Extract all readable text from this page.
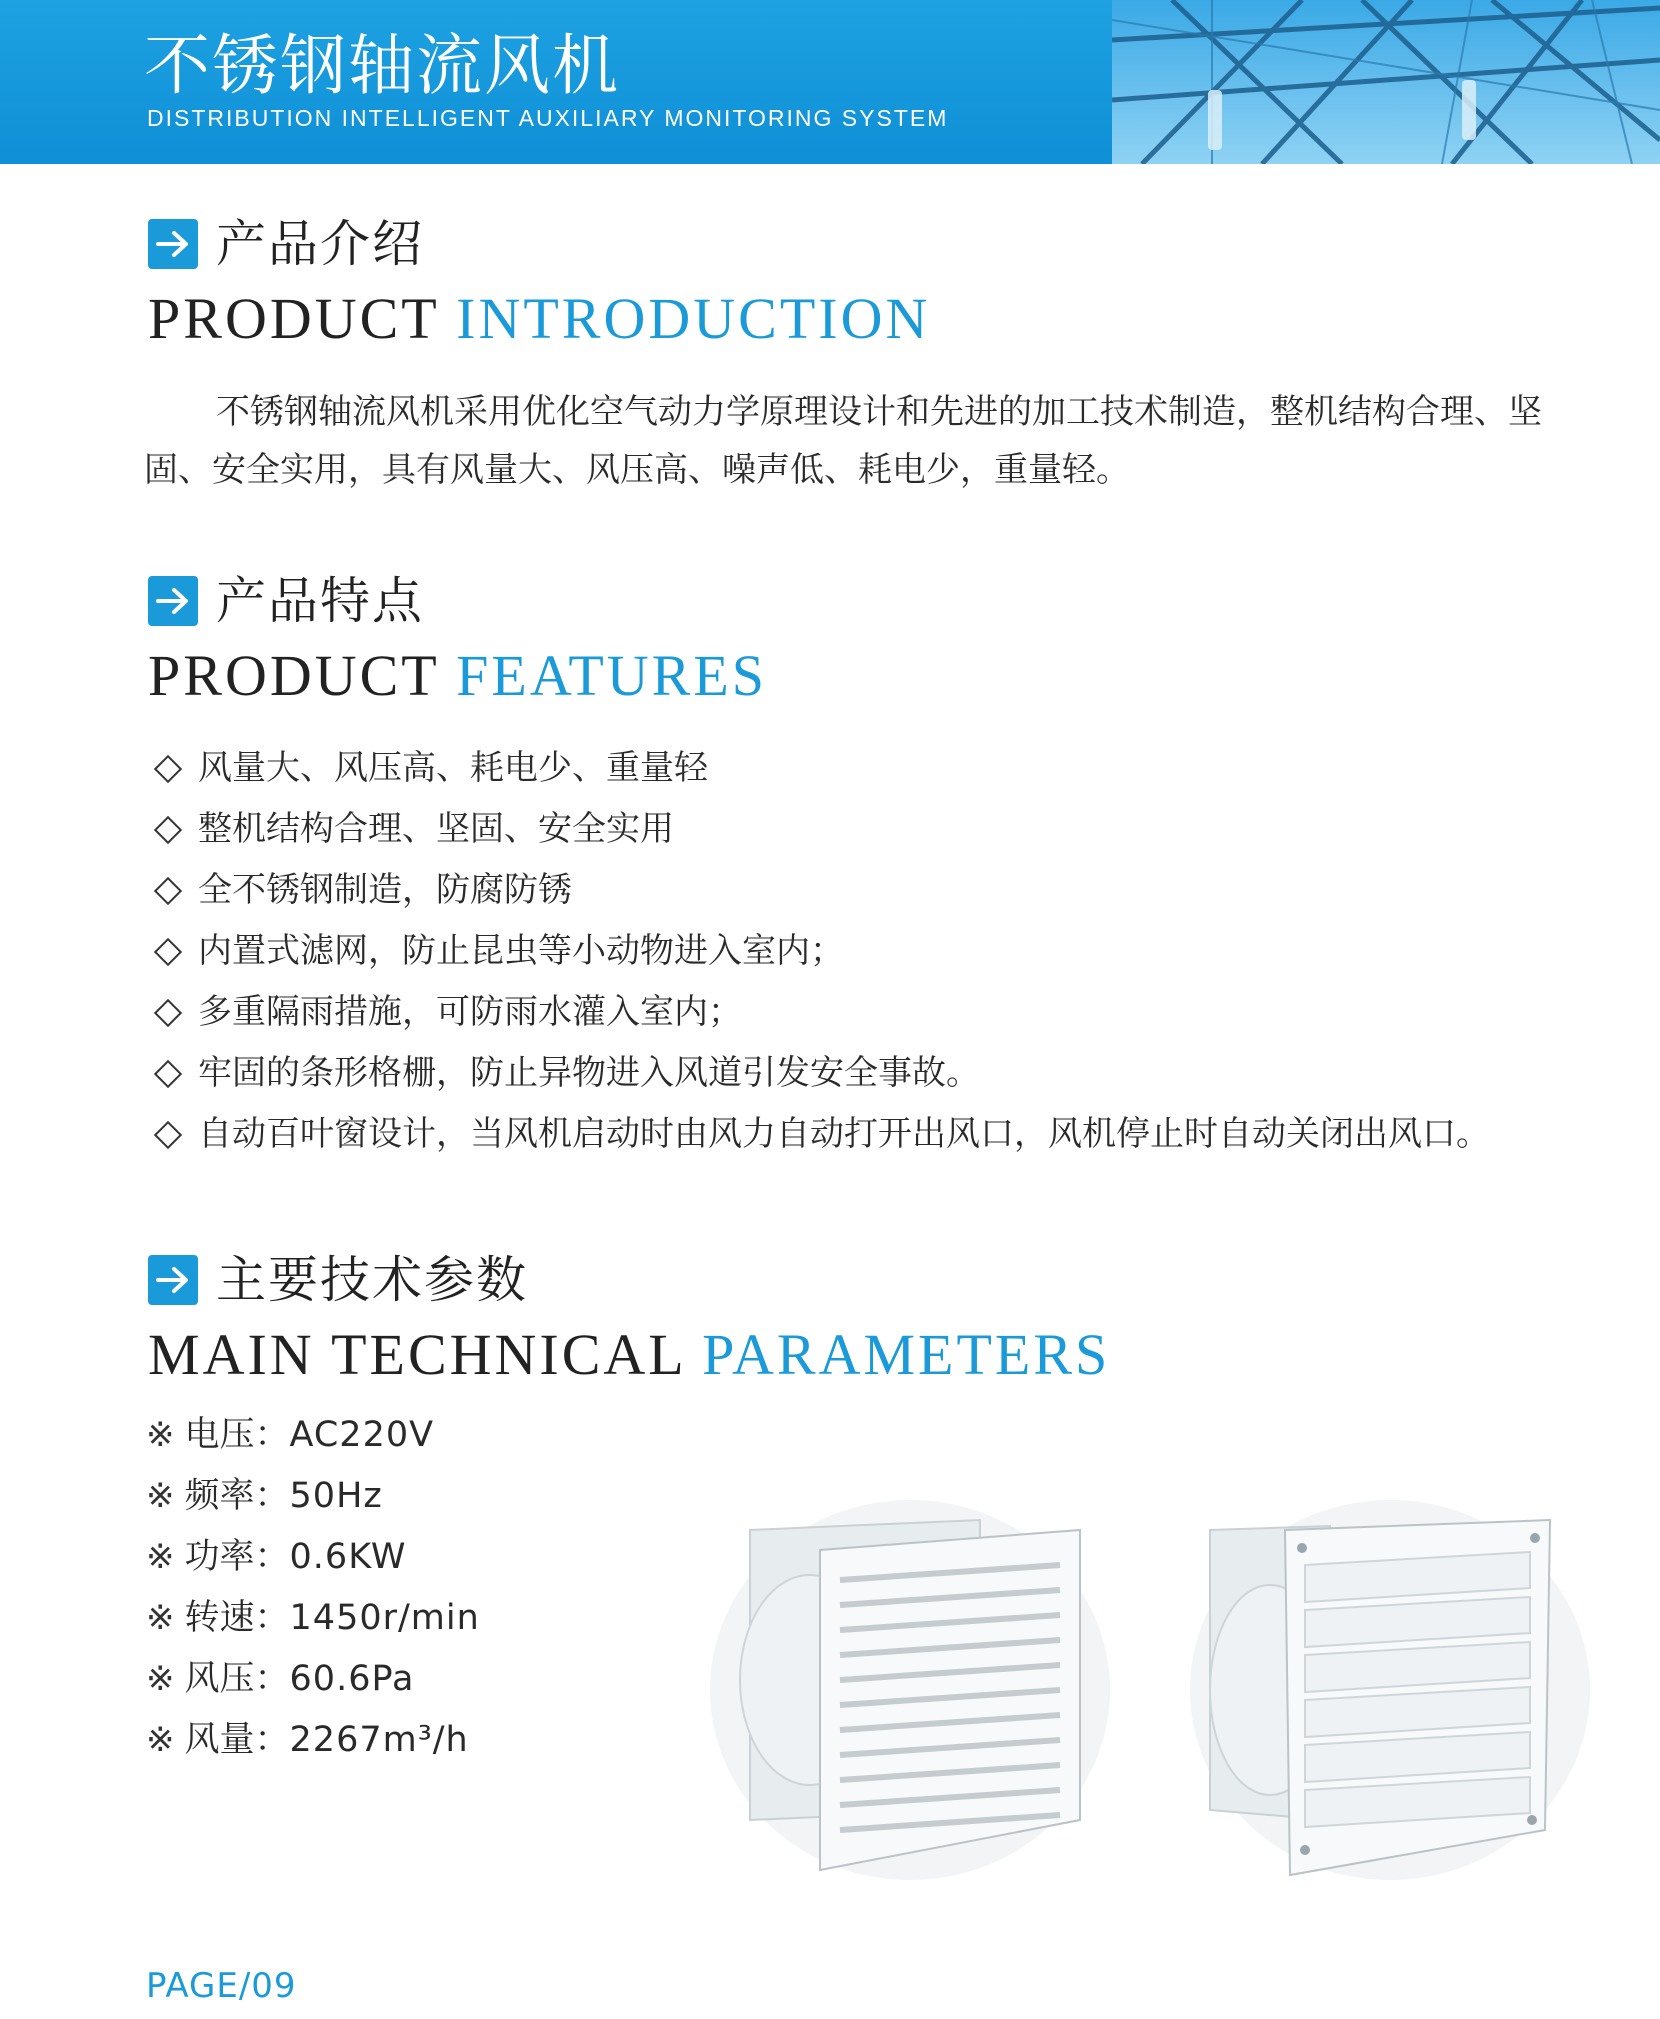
不锈钢轴流风机
DISTRIBUTION INTELLIGENT AUXILIARY MONITORING SYSTEM
产品介绍
PRODUCT INTRODUCTION
不锈钢轴流风机采用优化空气动力学原理设计和先进的加工技术制造，整机结构合理、坚固、安全实用，具有风量大、风压高、噪声低、耗电少，重量轻。
产品特点
PRODUCT FEATURES
风量大、风压高、耗电少、重量轻
整机结构合理、坚固、安全实用
全不锈钢制造，防腐防锈
内置式滤网，防止昆虫等小动物进入室内；
多重隔雨措施，可防雨水灌入室内；
牢固的条形格栅，防止异物进入风道引发安全事故。
自动百叶窗设计，当风机启动时由风力自动打开出风口，风机停止时自动关闭出风口。
主要技术参数
MAIN TECHNICAL PARAMETERS
※ 电压 ： AC220V
※ 频率 ： 50Hz
※ 功率 ： 0.6KW
※ 转速 ： 1450r/min
※ 风压 ： 60.6Pa
※ 风量 ： 2267m³/h
PAGE/09
